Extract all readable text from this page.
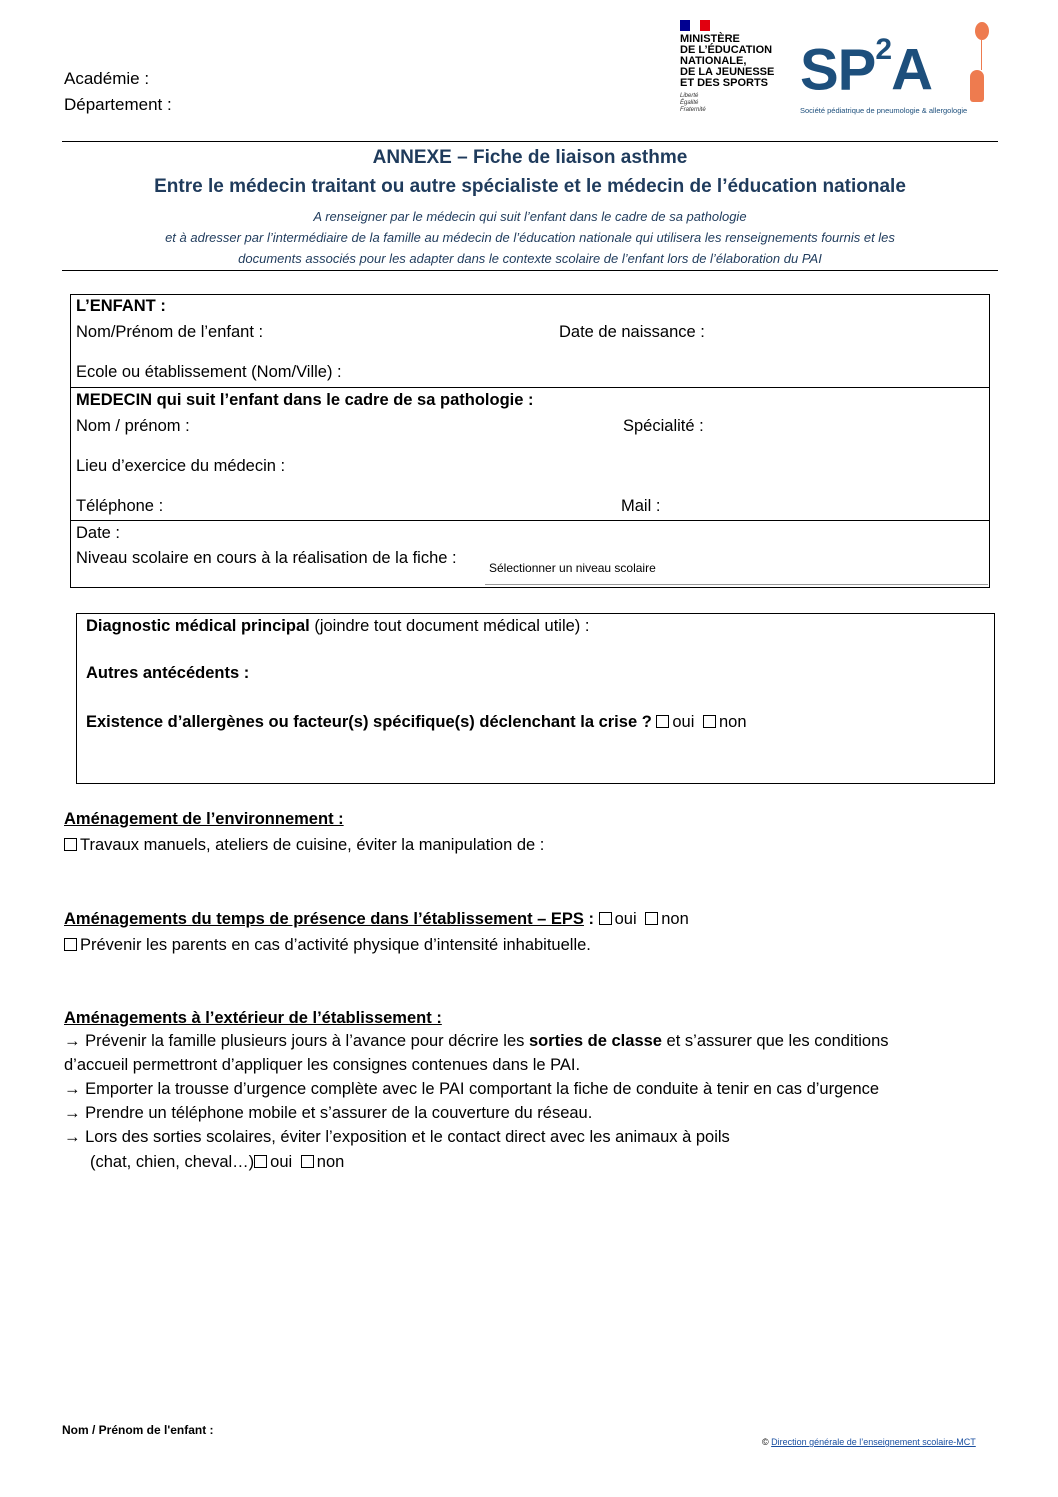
Académie :
Département :
MINISTÈRE
DE L’ÉDUCATION
NATIONALE,
DE LA JEUNESSE
ET DES SPORTS
Liberté
Égalité
Fraternité
$SP^2A$
Société pédiatrique de pneumologie & allergologie
ANNEXE – Fiche de liaison asthme
Entre le médecin traitant ou autre spécialiste et le médecin de l’éducation nationale
A renseigner par le médecin qui suit l’enfant dans le cadre de sa pathologie
et à adresser par l’intermédiaire de la famille au médecin de l’éducation nationale qui utilisera les renseignements fournis et les
documents associés pour les adapter dans le contexte scolaire de l’enfant lors de l’élaboration du PAI
L’ENFANT :
Nom/Prénom de l’enfant :	Date de naissance :
Ecole ou établissement (Nom/Ville) :
MEDECIN qui suit l’enfant dans le cadre de sa pathologie :
Nom / prénom :	Spécialité :
Lieu d’exercice du médecin :
Téléphone :	Mail :
Date :
Niveau scolaire en cours à la réalisation de la fiche :
Sélectionner un niveau scolaire
Diagnostic médical principal (joindre tout document médical utile) :
Autres antécédents :
Existence d’allergènes ou facteur(s) spécifique(s) déclenchant la crise ? oui non
Aménagement de l’environnement :
Travaux manuels, ateliers de cuisine, éviter la manipulation de :
Aménagements du temps de présence dans l’établissement – EPS : oui non
Prévenir les parents en cas d’activité physique d’intensité inhabituelle.
Aménagements à l’extérieur de l’établissement :
→ Prévenir la famille plusieurs jours à l’avance pour décrire les sorties de classe et s’assurer que les conditions
d’accueil permettront d’appliquer les consignes contenues dans le PAI.
→ Emporter la trousse d’urgence complète avec le PAI comportant la fiche de conduite à tenir en cas d’urgence
→ Prendre un téléphone mobile et s’assurer de la couverture du réseau.
→ Lors des sorties scolaires, éviter l’exposition et le contact direct avec les animaux à poils
(chat, chien, cheval…) oui non
Nom / Prénom de l'enfant :
© Direction générale de l’enseignement scolaire-MCT
